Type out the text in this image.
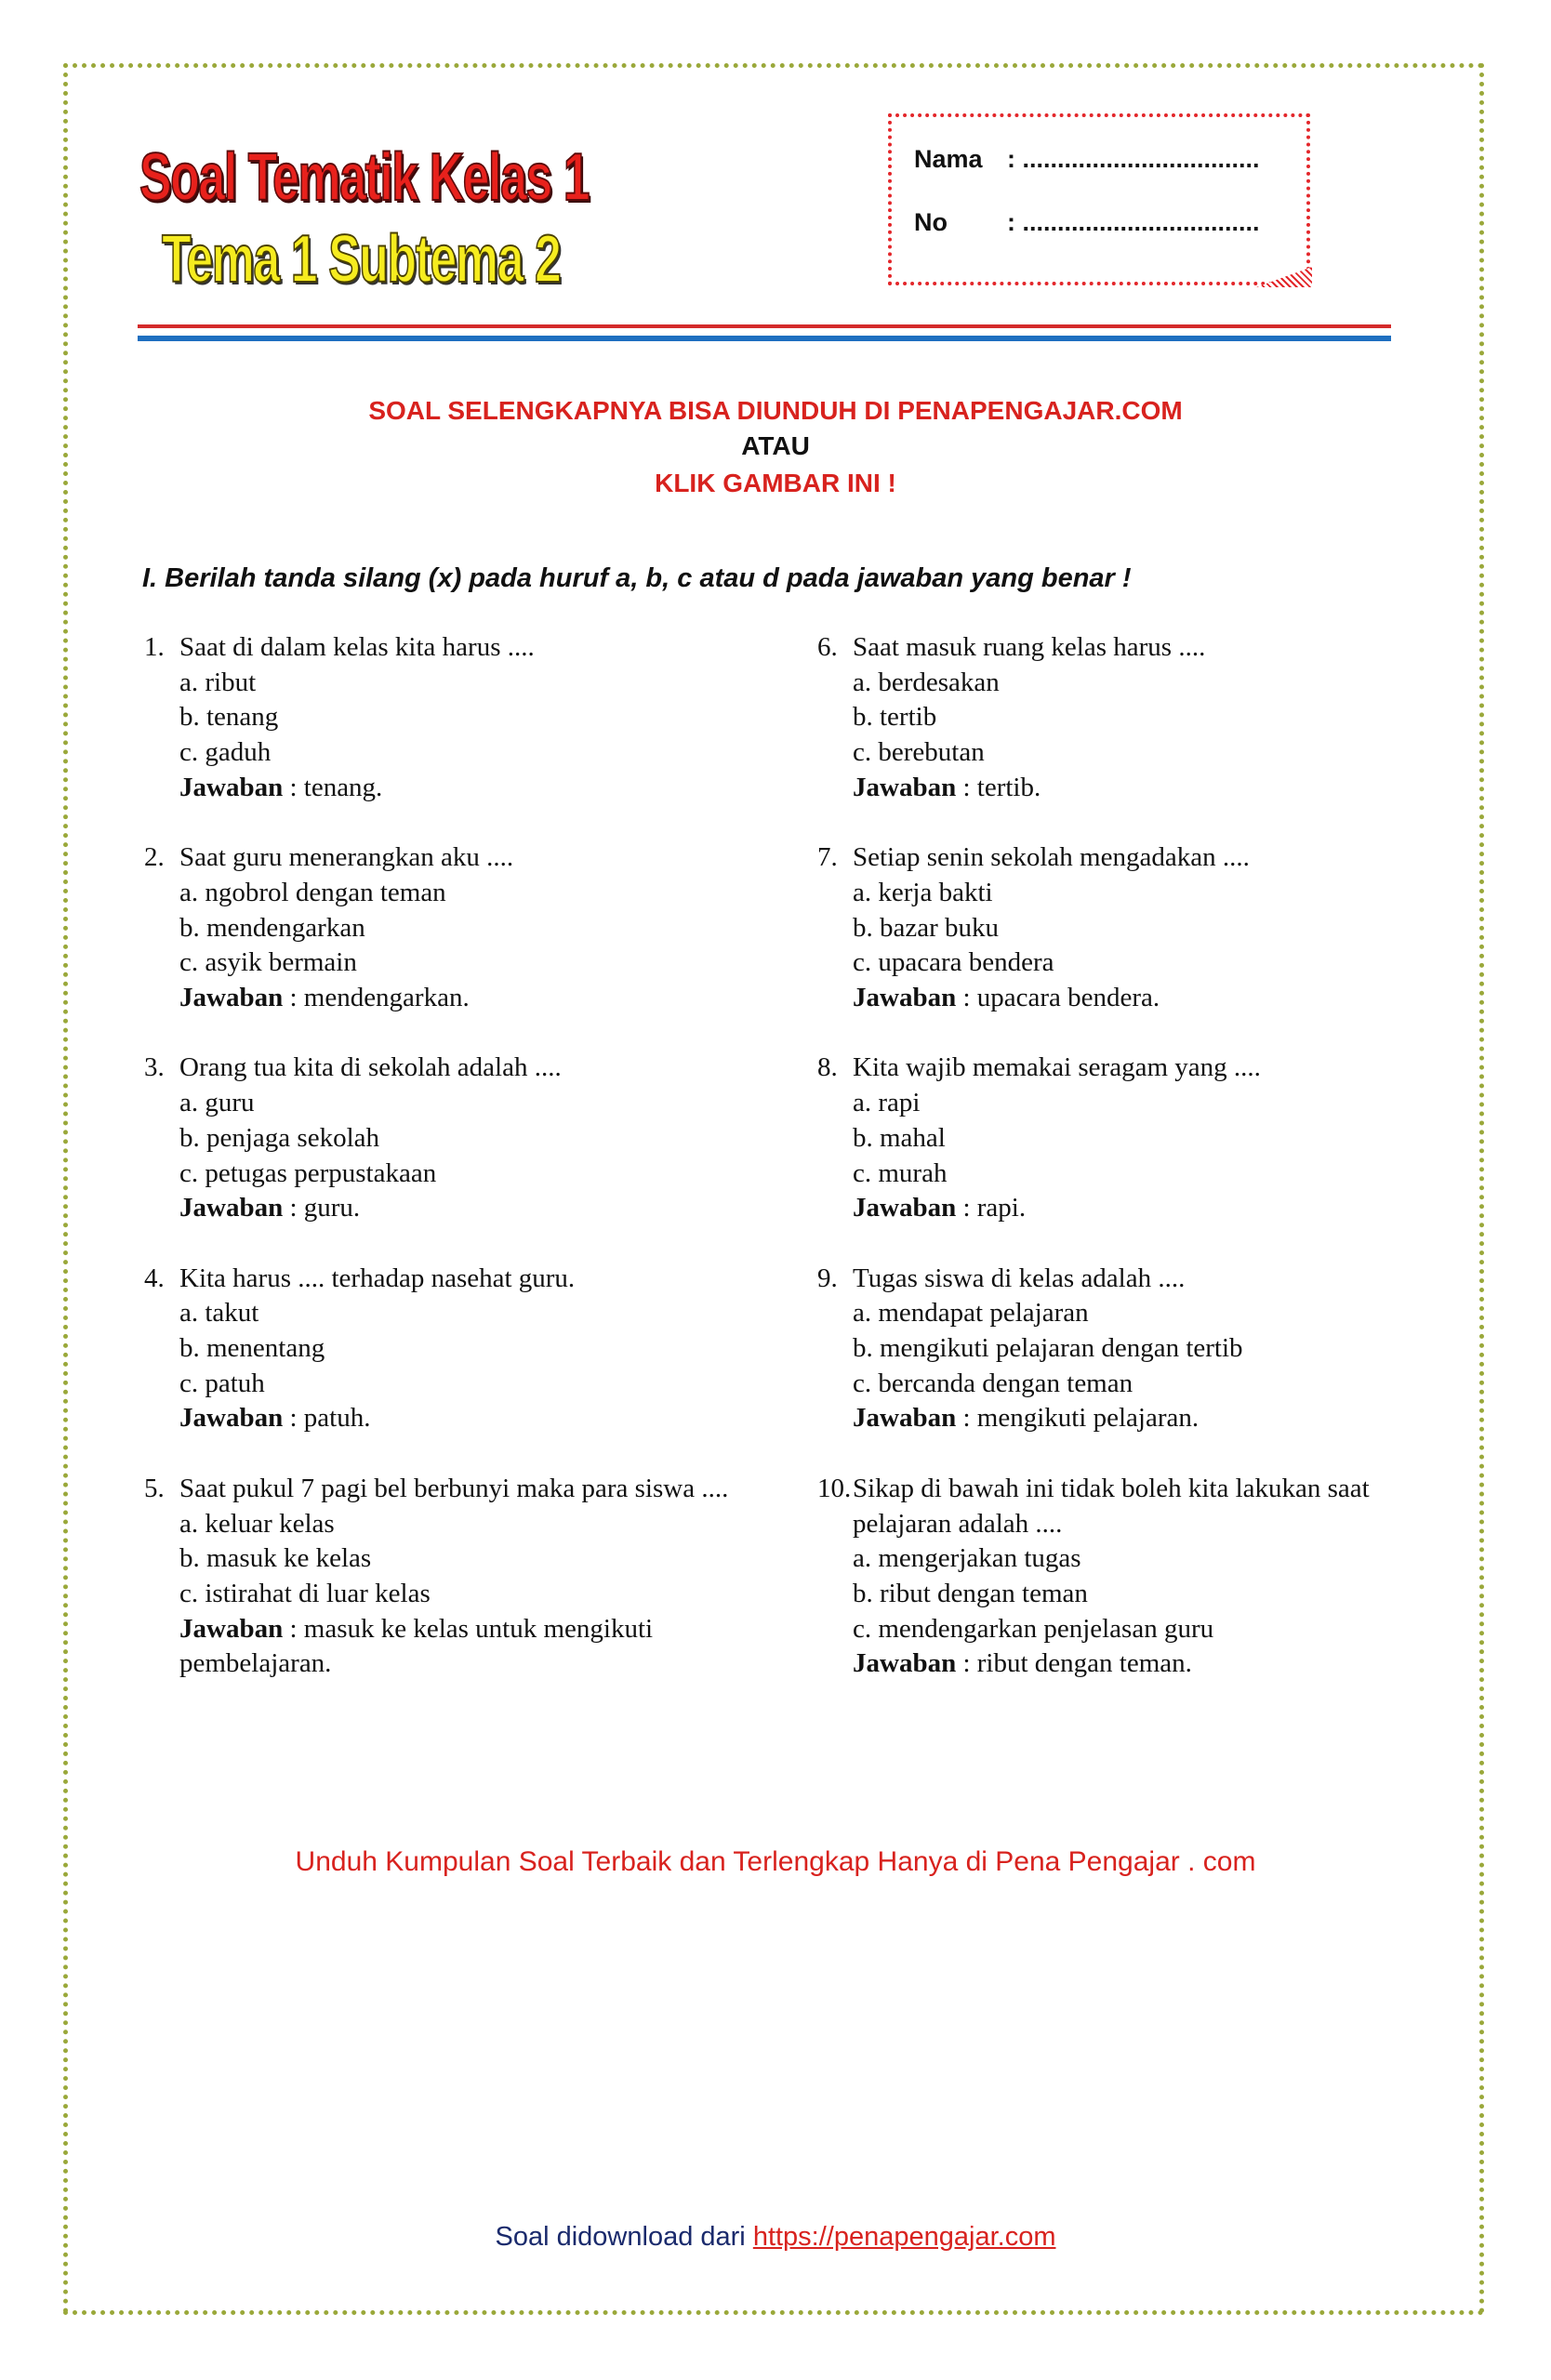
Soal Tematik Kelas 1
Tema 1 Subtema 2
Nama : ..................................
No : ..................................
SOAL SELENGKAPNYA BISA DIUNDUH DI PENAPENGAJAR.COM
ATAU
KLIK GAMBAR INI !
I. Berilah tanda silang (x) pada huruf a, b, c atau d pada jawaban yang benar !
1. Saat di dalam kelas kita harus ....
a. ribut
b. tenang
c. gaduh
Jawaban : tenang.
2. Saat guru menerangkan aku ....
a. ngobrol dengan teman
b. mendengarkan
c. asyik bermain
Jawaban : mendengarkan.
3. Orang tua kita di sekolah adalah ....
a. guru
b. penjaga sekolah
c. petugas perpustakaan
Jawaban : guru.
4. Kita harus .... terhadap nasehat guru.
a. takut
b. menentang
c. patuh
Jawaban : patuh.
5. Saat pukul 7 pagi bel berbunyi maka para siswa ....
a. keluar kelas
b. masuk ke kelas
c. istirahat di luar kelas
Jawaban : masuk ke kelas untuk mengikuti pembelajaran.
6. Saat masuk ruang kelas harus ....
a. berdesakan
b. tertib
c. berebutan
Jawaban : tertib.
7. Setiap senin sekolah mengadakan ....
a. kerja bakti
b. bazar buku
c. upacara bendera
Jawaban : upacara bendera.
8. Kita wajib memakai seragam yang ....
a. rapi
b. mahal
c. murah
Jawaban : rapi.
9. Tugas siswa di kelas adalah ....
a. mendapat pelajaran
b. mengikuti pelajaran dengan tertib
c. bercanda dengan teman
Jawaban : mengikuti pelajaran.
10.Sikap di bawah ini tidak boleh kita lakukan saat pelajaran adalah ....
a. mengerjakan tugas
b. ribut dengan teman
c. mendengarkan penjelasan guru
Jawaban : ribut dengan teman.
Unduh Kumpulan Soal Terbaik dan Terlengkap Hanya di Pena Pengajar . com
Soal didownload dari https://penapengajar.com
